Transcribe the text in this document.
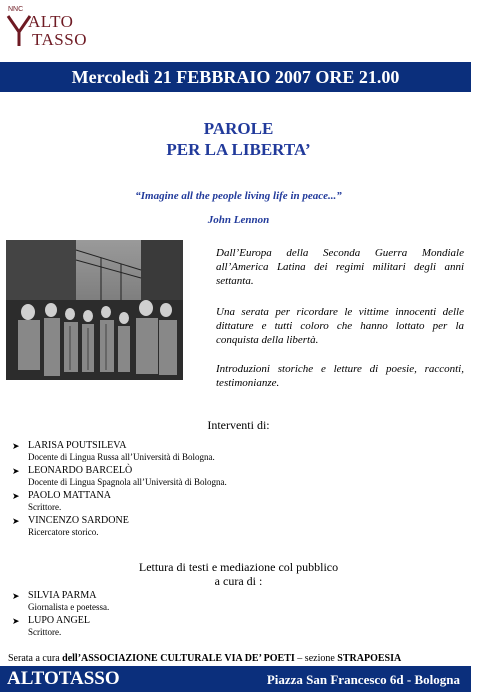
NNC
ALTO
TASSO
Mercoledì 21 FEBBRAIO 2007 ORE 21.00
PAROLE
PER LA LIBERTA’
“Imagine all the people living life in peace...”
John Lennon

Dall’Europa della Seconda Guerra Mondiale all’America Latina dei regimi militari degli anni settanta.

Una serata per ricordare le vittime innocenti delle dittature e tutti coloro che hanno lottato per la conquista della libertà.

Introduzioni storiche e letture di poesie, racconti, testimonianze.

Interventi di:
➤ LARISA POUTSILEVA
Docente di Lingua Russa all’Università di Bologna.
➤ LEONARDO BARCELÒ
Docente di Lingua Spagnola all’Università di Bologna.
➤ PAOLO MATTANA
Scrittore.
➤ VINCENZO SARDONE
Ricercatore storico.
Lettura di testi e mediazione col pubblico
a cura di :
➤ SILVIA PARMA
Giornalista e poetessa.
➤ LUPO ANGEL
Scrittore.
Serata a cura dell’ASSOCIAZIONE CULTURALE VIA DE’ POETI – sezione STRAPOESIA
ALTOTASSO	Piazza San Francesco 6d - Bologna
